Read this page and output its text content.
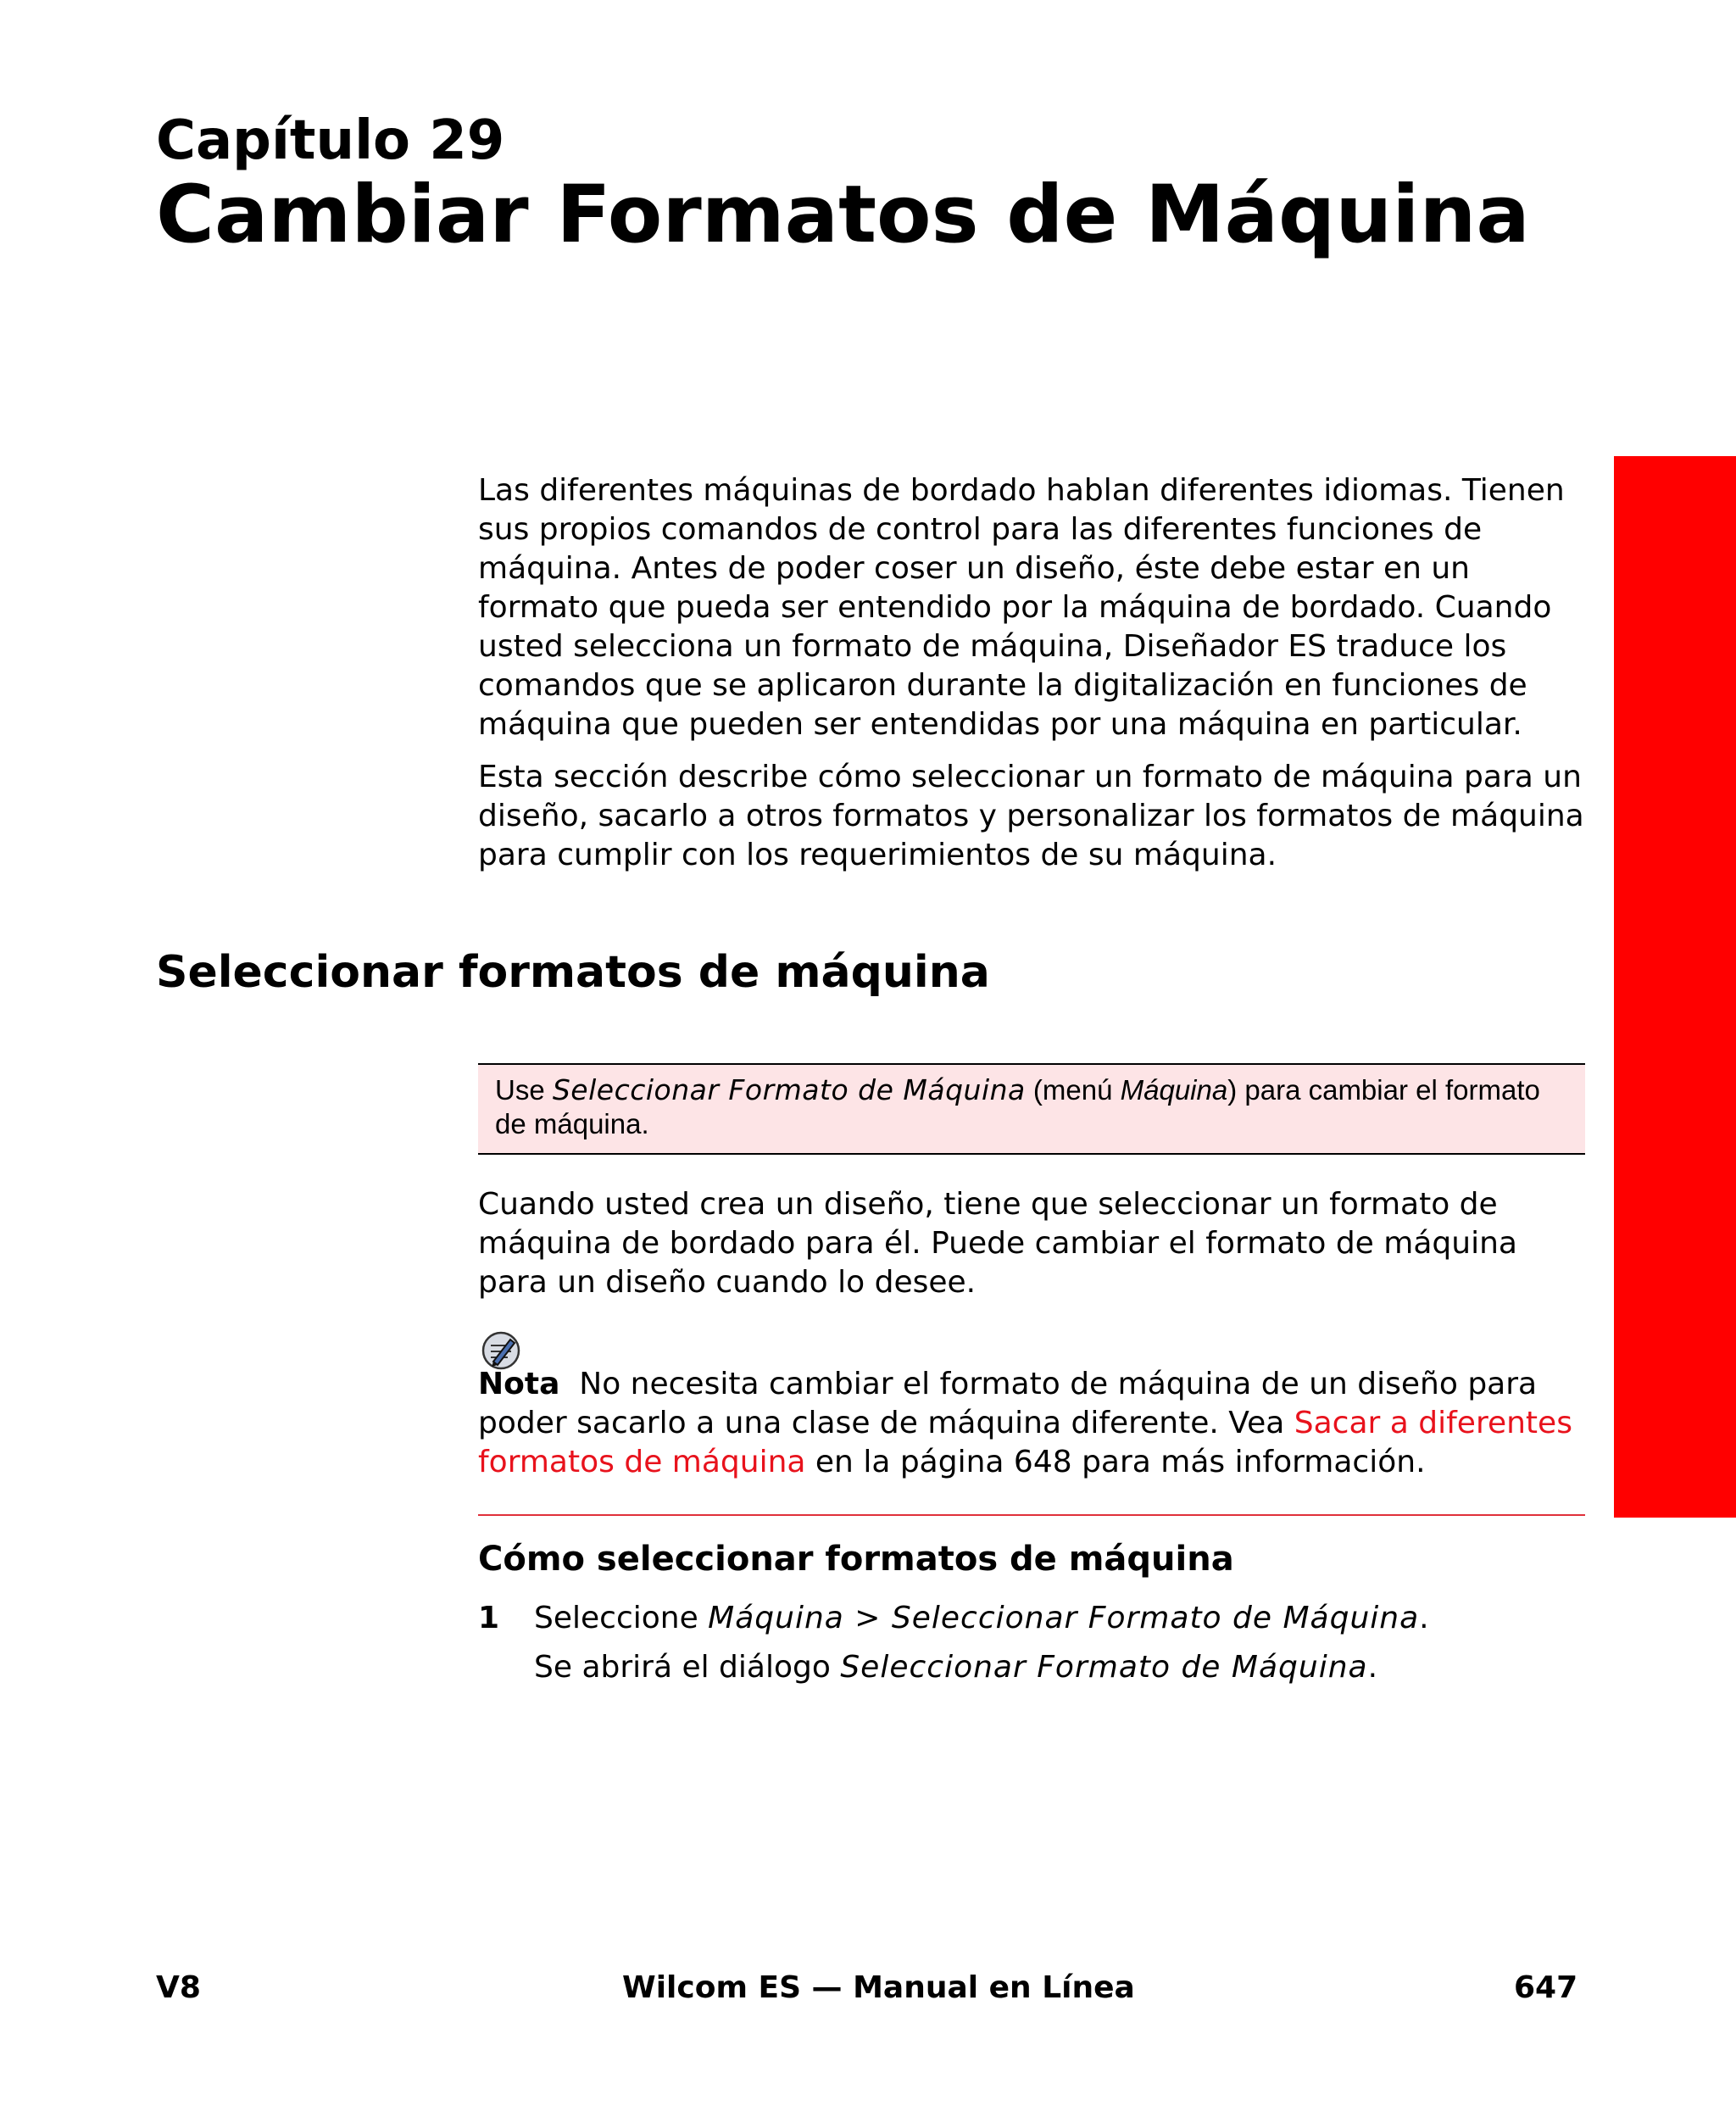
Capítulo 29
Cambiar Formatos de Máquina

Las diferentes máquinas de bordado hablan diferentes idiomas. Tienen sus propios comandos de control para las diferentes funciones de máquina. Antes de poder coser un diseño, éste debe estar en un formato que pueda ser entendido por la máquina de bordado. Cuando usted selecciona un formato de máquina, Diseñador ES traduce los comandos que se aplicaron durante la digitalización en funciones de máquina que pueden ser entendidas por una máquina en particular.

Esta sección describe cómo seleccionar un formato de máquina para un diseño, sacarlo a otros formatos y personalizar los formatos de máquina para cumplir con los requerimientos de su máquina.

Seleccionar formatos de máquina
Use Seleccionar Formato de Máquina (menú Máquina) para cambiar el formato de máquina.

Cuando usted crea un diseño, tiene que seleccionar un formato de máquina de bordado para él. Puede cambiar el formato de máquina para un diseño cuando lo desee.

Nota  No necesita cambiar el formato de máquina de un diseño para poder sacarlo a una clase de máquina diferente. Vea Sacar a diferentes formatos de máquina en la página 648 para más información.

Cómo seleccionar formatos de máquina
1 Seleccione Máquina > Seleccionar Formato de Máquina.
Se abrirá el diálogo Seleccionar Formato de Máquina.
V8	Wilcom ES — Manual en Línea	647
